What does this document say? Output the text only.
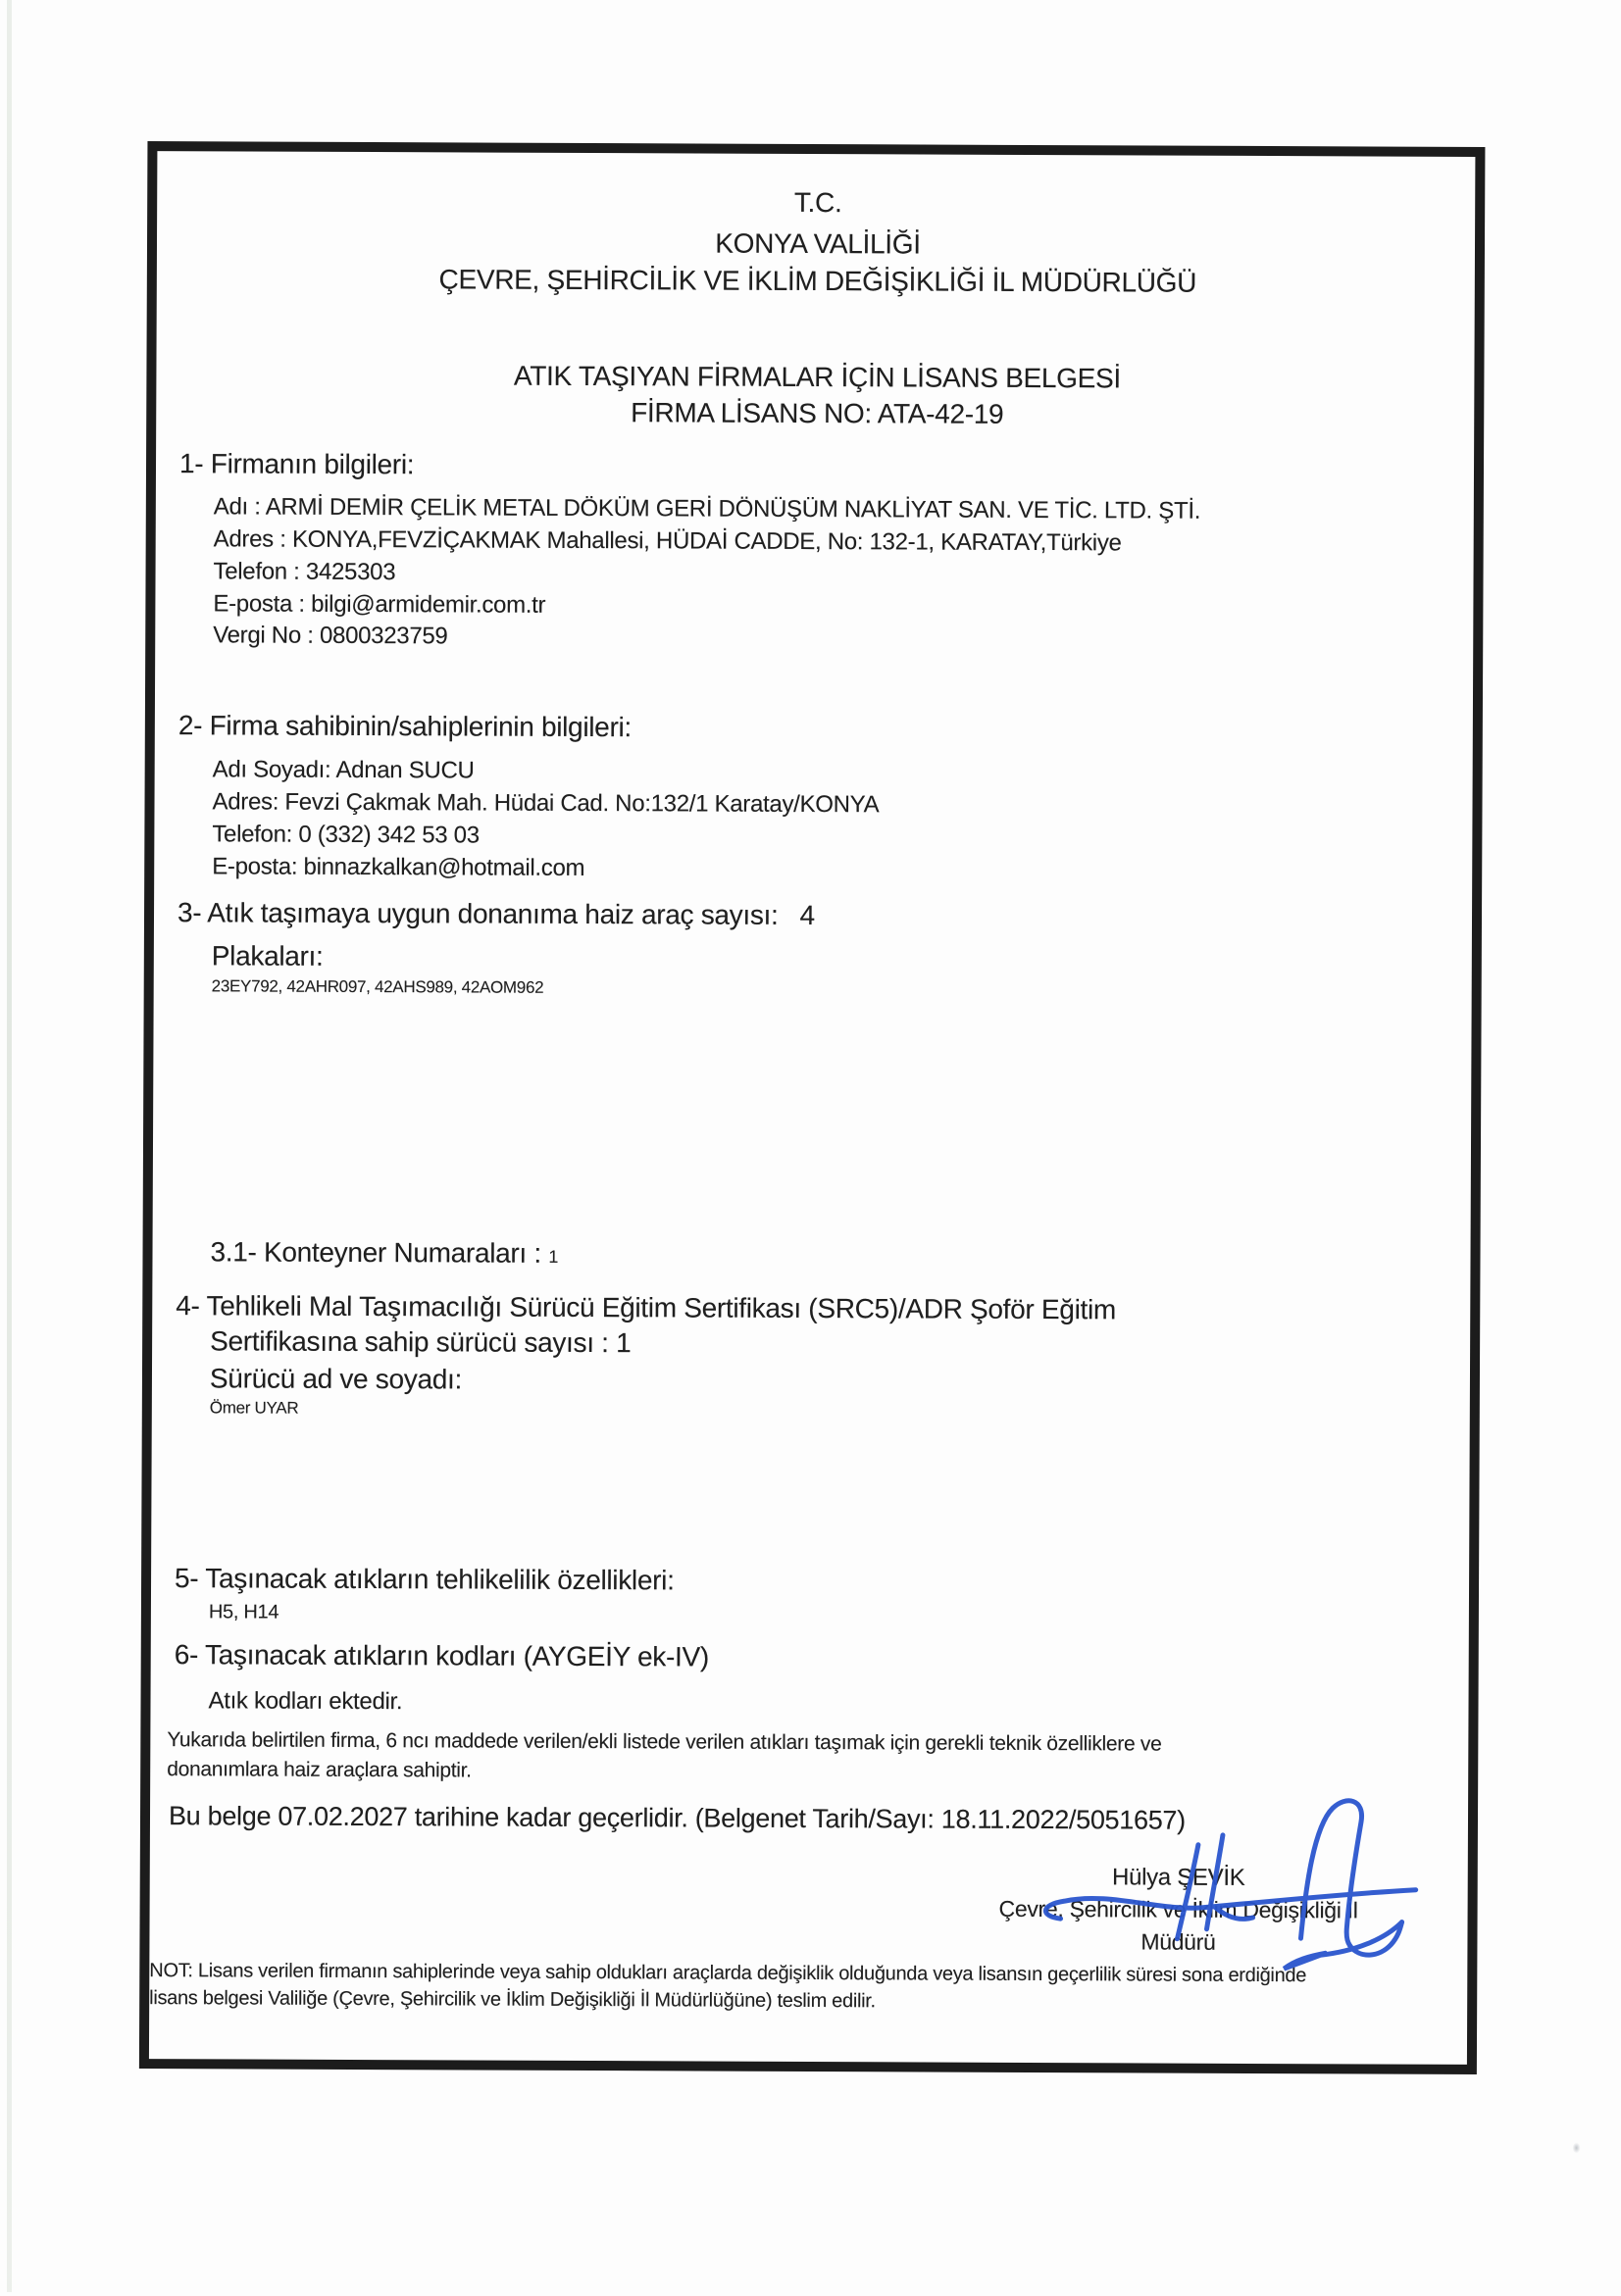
T.C.
KONYA VALİLİĞİ
ÇEVRE, ŞEHİRCİLİK VE İKLİM DEĞİŞİKLİĞİ İL MÜDÜRLÜĞÜ
ATIK TAŞIYAN FİRMALAR İÇİN LİSANS BELGESİ
FİRMA LİSANS NO: ATA-42-19
1- Firmanın bilgileri:
Adı : ARMİ DEMİR ÇELİK METAL DÖKÜM GERİ DÖNÜŞÜM NAKLİYAT SAN. VE TİC. LTD. ŞTİ.
Adres : KONYA,FEVZİÇAKMAK Mahallesi, HÜDAİ CADDE, No: 132-1, KARATAY,Türkiye
Telefon : 3425303
E-posta : bilgi@armidemir.com.tr
Vergi No : 0800323759
2- Firma sahibinin/sahiplerinin bilgileri:
Adı Soyadı: Adnan SUCU
Adres: Fevzi Çakmak Mah. Hüdai Cad. No:132/1 Karatay/KONYA
Telefon: 0 (332) 342 53 03
E-posta: binnazkalkan@hotmail.com
3- Atık taşımaya uygun donanıma haiz araç sayısı: 4
Plakaları:
23EY792, 42AHR097, 42AHS989, 42AOM962
3.1- Konteyner Numaraları : 1
4- Tehlikeli Mal Taşımacılığı Sürücü Eğitim Sertifikası (SRC5)/ADR Şoför Eğitim
Sertifikasına sahip sürücü sayısı : 1
Sürücü ad ve soyadı:
Ömer UYAR
5- Taşınacak atıkların tehlikelilik özellikleri:
H5, H14
6- Taşınacak atıkların kodları (AYGEİY ek-IV)
Atık kodları ektedir.
Yukarıda belirtilen firma, 6 ncı maddede verilen/ekli listede verilen atıkları taşımak için gerekli teknik özelliklere ve
donanımlara haiz araçlara sahiptir.
Bu belge 07.02.2027 tarihine kadar geçerlidir. (Belgenet Tarih/Sayı: 18.11.2022/5051657)
Hülya ŞEVİK
Çevre, Şehircilik ve İklim Değişikliği İl
Müdürü
NOT: Lisans verilen firmanın sahiplerinde veya sahip oldukları araçlarda değişiklik olduğunda veya lisansın geçerlilik süresi sona erdiğinde
lisans belgesi Valiliğe (Çevre, Şehircilik ve İklim Değişikliği İl Müdürlüğüne) teslim edilir.
